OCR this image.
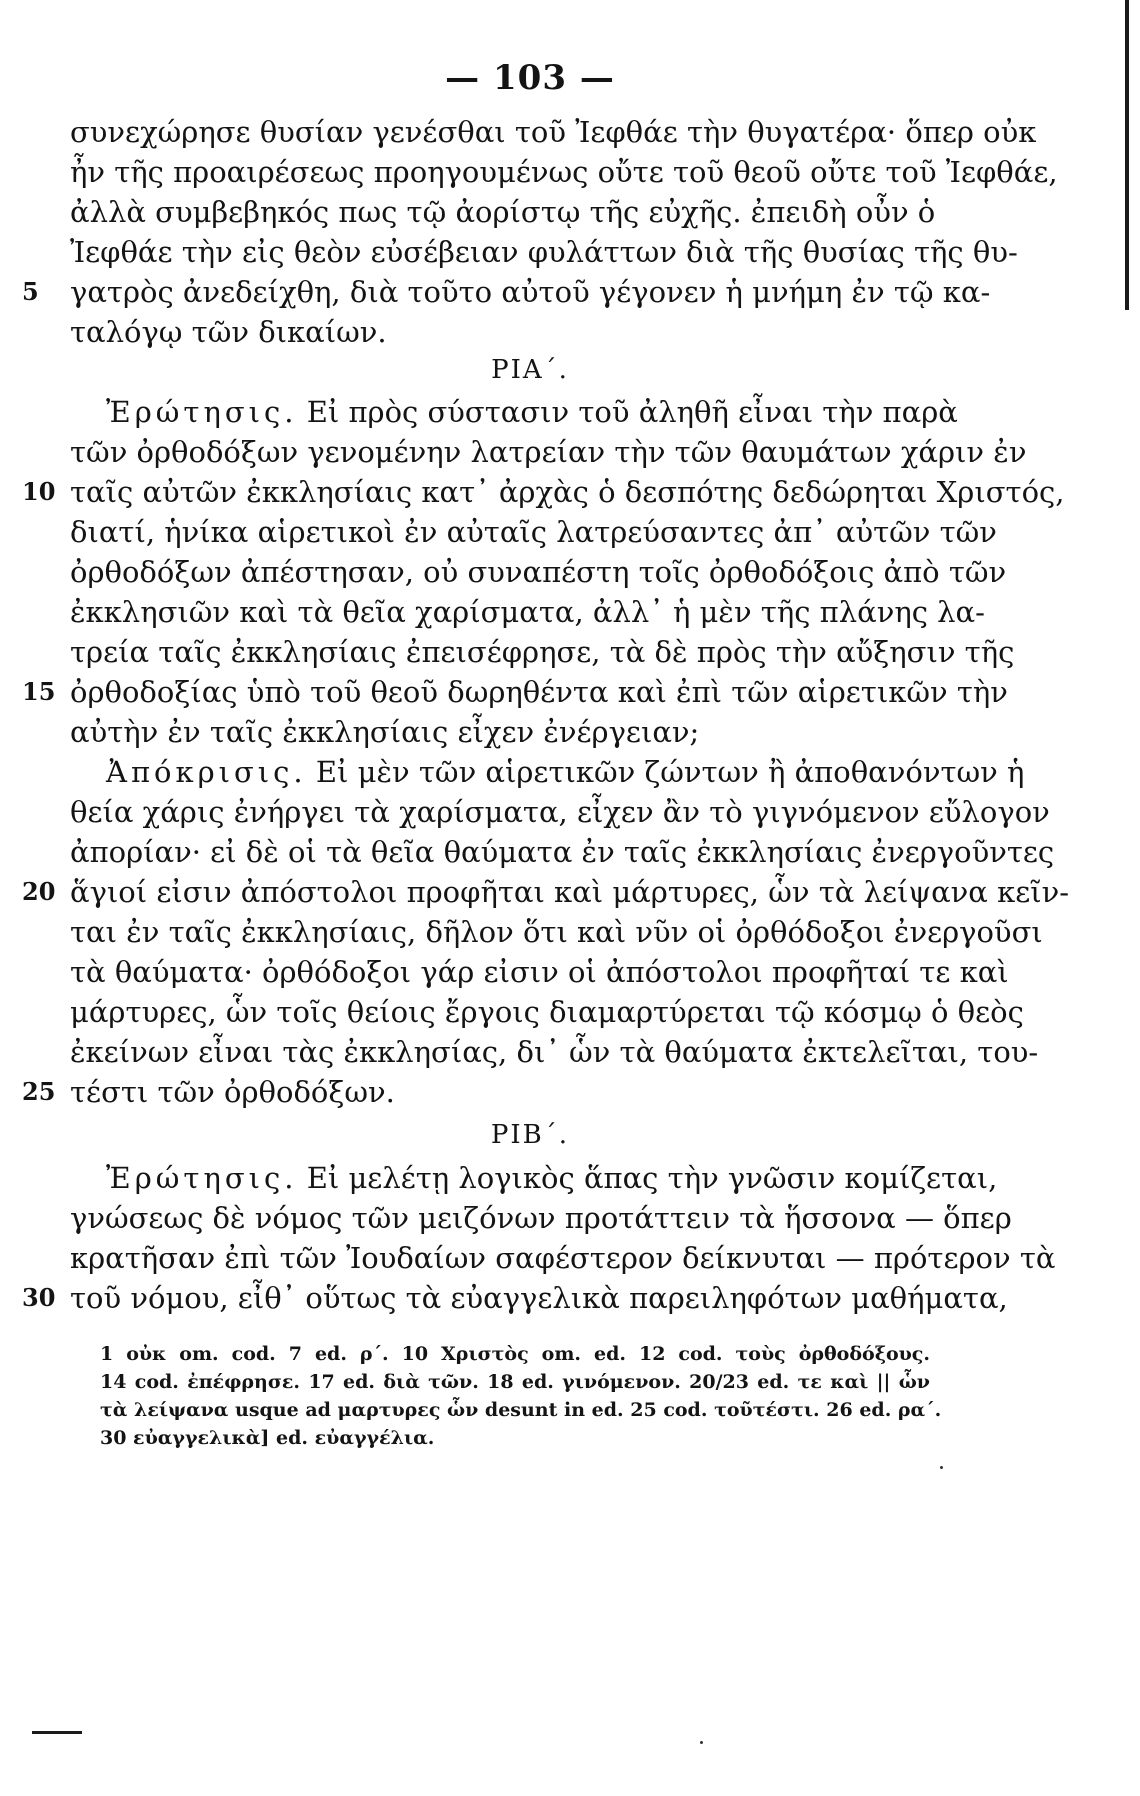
— 103 —
συνεχώρησε θυσίαν γενέσθαι τοῦ Ἰεφθάε τὴν θυγατέρα· ὅπερ οὐκ
ἦν τῆς προαιρέσεως προηγουμένως οὔτε τοῦ θεοῦ οὔτε τοῦ Ἰεφθάε,
ἀλλὰ συμβεβηκός πως τῷ ἀορίστῳ τῆς εὐχῆς. ἐπειδὴ οὖν ὁ
Ἰεφθάε τὴν εἰς θεὸν εὐσέβειαν φυλάττων διὰ τῆς θυσίας τῆς θυ-
5	γατρὸς ἀνεδείχθη, διὰ τοῦτο αὐτοῦ γέγονεν ἡ μνήμη ἐν τῷ κα-
ταλόγῳ τῶν δικαίων.
ΡΙΑ΄.
Ἐρώτησις. Εἰ πρὸς σύστασιν τοῦ ἀληθῆ εἶναι τὴν παρὰ
τῶν ὀρθοδόξων γενομένην λατρείαν τὴν τῶν θαυμάτων χάριν ἐν
10 ταῖς αὐτῶν ἐκκλησίαις κατ᾿ ἀρχὰς ὁ δεσπότης δεδώρηται Χριστός,
διατί, ἡνίκα αἱρετικοὶ ἐν αὐταῖς λατρεύσαντες ἀπ᾿ αὐτῶν τῶν
ὀρθοδόξων ἀπέστησαν, οὐ συναπέστη τοῖς ὀρθοδόξοις ἀπὸ τῶν
ἐκκλησιῶν καὶ τὰ θεῖα χαρίσματα, ἀλλ᾿ ἡ μὲν τῆς πλάνης λα-
τρεία ταῖς ἐκκλησίαις ἐπεισέφρησε, τὰ δὲ πρὸς τὴν αὔξησιν τῆς
15 ὀρθοδοξίας ὑπὸ τοῦ θεοῦ δωρηθέντα καὶ ἐπὶ τῶν αἱρετικῶν τὴν
αὐτὴν ἐν ταῖς ἐκκλησίαις εἶχεν ἐνέργειαν;
Ἀπόκρισις. Εἰ μὲν τῶν αἱρετικῶν ζώντων ἢ ἀποθανόντων ἡ
θεία χάρις ἐνήργει τὰ χαρίσματα, εἶχεν ἂν τὸ γιγνόμενον εὔλογον
ἀπορίαν· εἰ δὲ οἱ τὰ θεῖα θαύματα ἐν ταῖς ἐκκλησίαις ἐνεργοῦντες
20 ἅγιοί εἰσιν ἀπόστολοι προφῆται καὶ μάρτυρες, ὧν τὰ λείψανα κεῖν-
ται ἐν ταῖς ἐκκλησίαις, δῆλον ὅτι καὶ νῦν οἱ ὀρθόδοξοι ἐνεργοῦσι
τὰ θαύματα· ὀρθόδοξοι γάρ εἰσιν οἱ ἀπόστολοι προφῆταί τε καὶ
μάρτυρες, ὧν τοῖς θείοις ἔργοις διαμαρτύρεται τῷ κόσμῳ ὁ θεὸς
ἐκείνων εἶναι τὰς ἐκκλησίας, δι᾿ ὧν τὰ θαύματα ἐκτελεῖται, του-
25 τέστι τῶν ὀρθοδόξων.
ΡΙΒ΄.
Ἐρώτησις. Εἰ μελέτῃ λογικὸς ἅπας τὴν γνῶσιν κομίζεται,
γνώσεως δὲ νόμος τῶν μειζόνων προτάττειν τὰ ἥσσονα — ὅπερ
κρατῆσαν ἐπὶ τῶν Ἰουδαίων σαφέστερον δείκνυται — πρότερον τὰ
30 τοῦ νόμου, εἶθ᾿ οὕτως τὰ εὐαγγελικὰ παρειληφότων μαθήματα,
1 οὐκ om. cod. 7 ed. ρ΄. 10 Χριστὸς om. ed. 12 cod. τοὺς ὀρθοδόξους.
14 cod. ἐπέφρησε. 17 ed. διὰ τῶν. 18 ed. γινόμενον. 20/23 ed. τε καὶ || ὧν
τὰ λείψανα usque ad μαρτυρες ὧν desunt in ed. 25 cod. τοῦτέστι. 26 ed. ρα΄.
30 εὐαγγελικὰ] ed. εὐαγγέλια.
